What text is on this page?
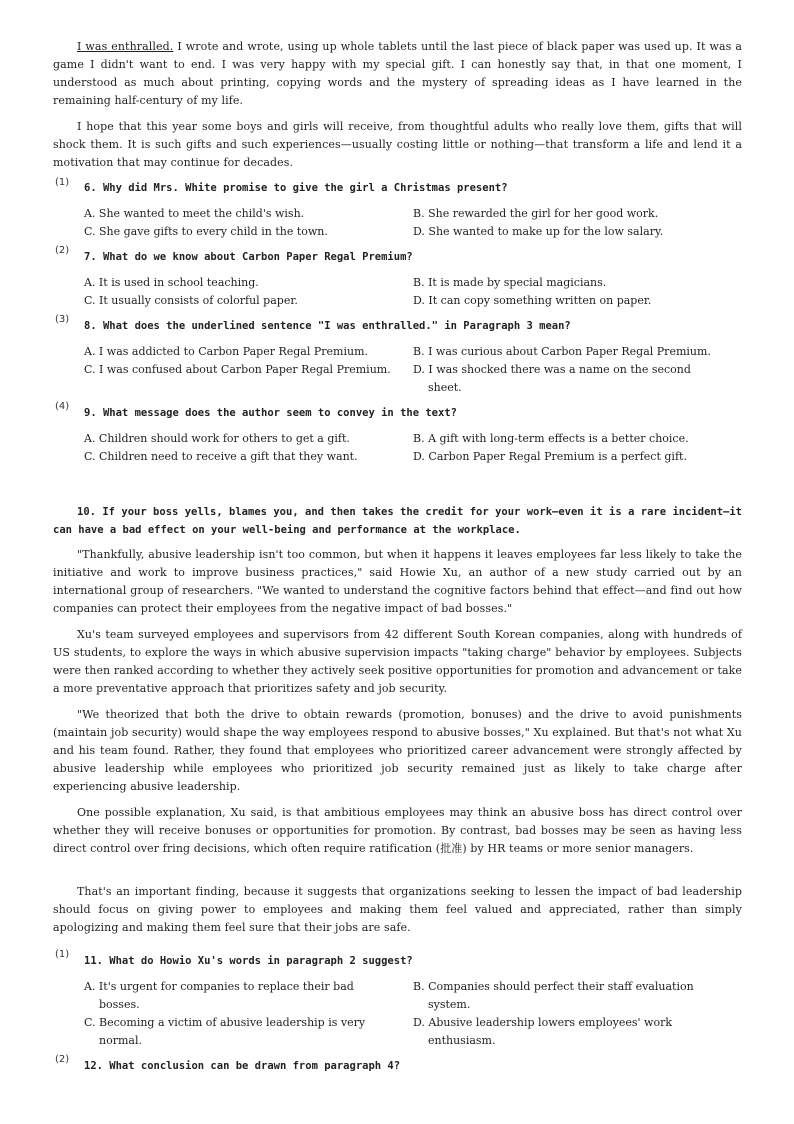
I was enthralled. I wrote and wrote, using up whole tablets until the last piece of black paper was used up. It was a game I didn't want to end. I was very happy with my special gift. I can honestly say that, in that one moment, I understood as much about printing, copying words and the mystery of spreading ideas as I have learned in the remaining half-century of my life.
I hope that this year some boys and girls will receive, from thoughtful adults who really love them, gifts that will shock them. It is such gifts and such experiences—usually costing little or nothing—that transform a life and lend it a motivation that may continue for decades.
(1) 6. Why did Mrs. White promise to give the girl a Christmas present?
A. She wanted to meet the child's wish.	B. She rewarded the girl for her good work.
C. She gave gifts to every child in the town.	D. She wanted to make up for the low salary.
(2)
7. What do we know about Carbon Paper Regal Premium?
A. It is used in school teaching.	B. It is made by special magicians.
C. It usually consists of colorful paper.	D. It can copy something written on paper.
(3)
8. What does the underlined sentence "I was enthralled." in Paragraph 3 mean?
A. I was addicted to Carbon Paper Regal Premium.	B. I was curious about Carbon Paper Regal Premium.
C. I was confused about Carbon Paper Regal Premium. D. I was shocked there was a name on the second
sheet.
(4)
9. What message does the author seem to convey in the text?
A. Children should work for others to get a gift.	B. A gift with long-term effects is a better choice.
C. Children need to receive a gift that they want.	D. Carbon Paper Regal Premium is a perfect gift.
10. If your boss yells, blames you, and then takes the credit for your work—even it is a rare incident—it can have a bad effect on your well-being and performance at the workplace.
"Thankfully, abusive leadership isn't too common, but when it happens it leaves employees far less likely to take the initiative and work to improve business practices," said Howie Xu, an author of a new study carried out by an international group of researchers. "We wanted to understand the cognitive factors behind that effect—and find out how companies can protect their employees from the negative impact of bad bosses."
Xu's team surveyed employees and supervisors from 42 different South Korean companies, along with hundreds of US students, to explore the ways in which abusive supervision impacts "taking charge" behavior by employees. Subjects were then ranked according to whether they actively seek positive opportunities for promotion and advancement or take a more preventative approach that prioritizes safety and job security.
"We theorized that both the drive to obtain rewards (promotion, bonuses) and the drive to avoid punishments (maintain job security) would shape the way employees respond to abusive bosses," Xu explained. But that's not what Xu and his team found. Rather, they found that employees who prioritized career advancement were strongly affected by abusive leadership while employees who prioritized job security remained just as likely to take charge after experiencing abusive leadership.
One possible explanation, Xu said, is that ambitious employees may think an abusive boss has direct control over whether they will receive bonuses or opportunities for promotion. By contrast, bad bosses may be seen as having less direct control over fring decisions, which often require ratification (批准) by HR teams or more senior managers.
That's an important finding, because it suggests that organizations seeking to lessen the impact of bad leadership should focus on giving power to employees and making them feel valued and appreciated, rather than simply apologizing and making them feel sure that their jobs are safe.
(1)
11. What do Howio Xu's words in paragraph 2 suggest?
A. It's urgent for companies to replace their bad
bosses.
B. Companies should perfect their staff evaluation
system.
C. Becoming a victim of abusive leadership is very
normal.
D. Abusive leadership lowers employees' work
enthusiasm.
(2)
12. What conclusion can be drawn from paragraph 4?
